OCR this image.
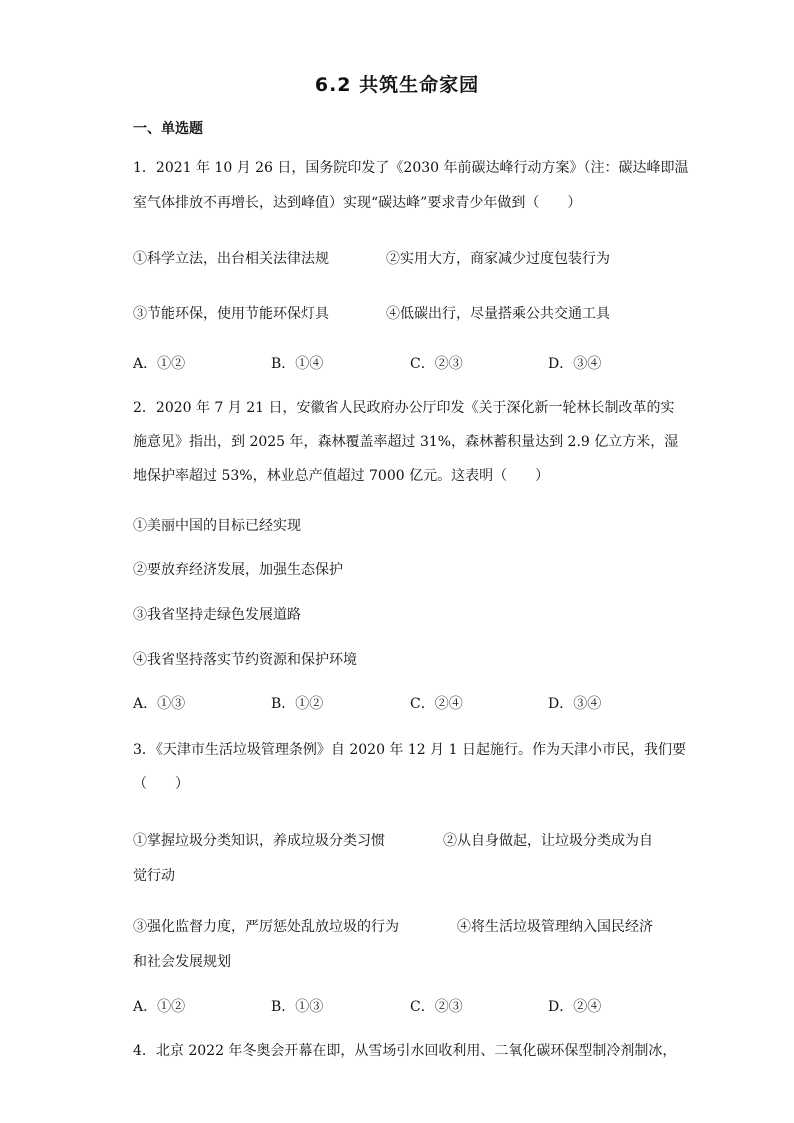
6.2 共筑生命家园
一、单选题
1．2021 年 10 月 26 日，国务院印发了《2030 年前碳达峰行动方案》（注：碳达峰即温
室气体排放不再增长，达到峰值）实现“碳达峰”要求青少年做到（　　）
①科学立法，出台相关法律法规	②实用大方，商家减少过度包装行为
③节能环保，使用节能环保灯具	④低碳出行，尽量搭乘公共交通工具
A．①②	B．①④	C．②③	D．③④
2．2020 年 7 月 21 日，安徽省人民政府办公厅印发《关于深化新一轮林长制改革的实
施意见》指出，到 2025 年，森林覆盖率超过 31%，森林蓄积量达到 2.9 亿立方米，湿
地保护率超过 53%，林业总产值超过 7000 亿元。这表明（　　）
①美丽中国的目标已经实现
②要放弃经济发展，加强生态保护
③我省坚持走绿色发展道路
④我省坚持落实节约资源和保护环境
A．①③	B．①②	C．②④	D．③④
3．《天津市生活垃圾管理条例》自 2020 年 12 月 1 日起施行。作为天津小市民，我们要
（　　）
①掌握垃圾分类知识，养成垃圾分类习惯	②从自身做起，让垃圾分类成为自
觉行动
③强化监督力度，严厉惩处乱放垃圾的行为	④将生活垃圾管理纳入国民经济
和社会发展规划
A．①②	B．①③	C．②③	D．②④
4．北京 2022 年冬奥会开幕在即，从雪场引水回收利用、二氧化碳环保型制冷剂制冰，
